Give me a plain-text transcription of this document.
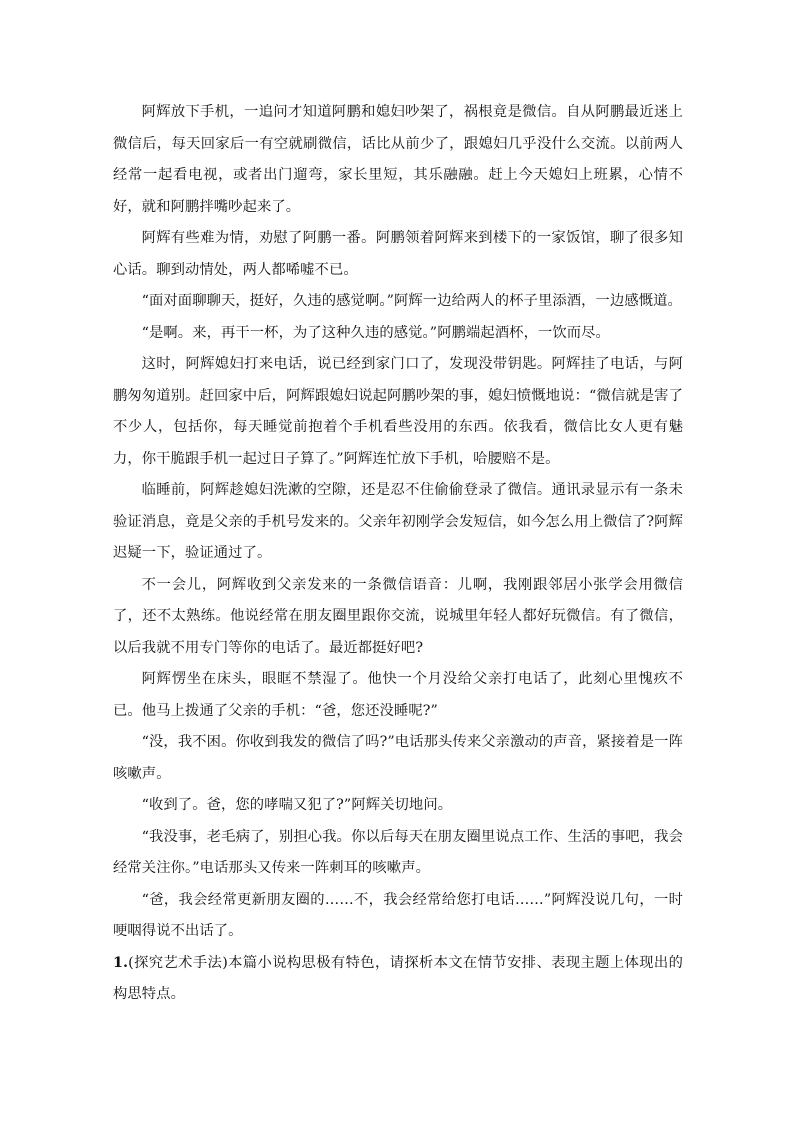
阿辉放下手机，一追问才知道阿鹏和媳妇吵架了，祸根竟是微信。自从阿鹏最近迷上微信后，每天回家后一有空就刷微信，话比从前少了，跟媳妇几乎没什么交流。以前两人经常一起看电视，或者出门遛弯，家长里短，其乐融融。赶上今天媳妇上班累，心情不好，就和阿鹏拌嘴吵起来了。

阿辉有些难为情，劝慰了阿鹏一番。阿鹏领着阿辉来到楼下的一家饭馆，聊了很多知心话。聊到动情处，两人都唏嘘不已。

“面对面聊聊天，挺好，久违的感觉啊。”阿辉一边给两人的杯子里添酒，一边感慨道。

“是啊。来，再干一杯，为了这种久违的感觉。”阿鹏端起酒杯，一饮而尽。

这时，阿辉媳妇打来电话，说已经到家门口了，发现没带钥匙。阿辉挂了电话，与阿鹏匆匆道别。赶回家中后，阿辉跟媳妇说起阿鹏吵架的事，媳妇愤慨地说：“微信就是害了不少人，包括你，每天睡觉前抱着个手机看些没用的东西。依我看，微信比女人更有魅力，你干脆跟手机一起过日子算了。”阿辉连忙放下手机，哈腰赔不是。

临睡前，阿辉趁媳妇洗漱的空隙，还是忍不住偷偷登录了微信。通讯录显示有一条未验证消息，竟是父亲的手机号发来的。父亲年初刚学会发短信，如今怎么用上微信了?阿辉迟疑一下，验证通过了。

不一会儿，阿辉收到父亲发来的一条微信语音：儿啊，我刚跟邻居小张学会用微信了，还不太熟练。他说经常在朋友圈里跟你交流，说城里年轻人都好玩微信。有了微信，以后我就不用专门等你的电话了。最近都挺好吧?

阿辉愣坐在床头，眼眶不禁湿了。他快一个月没给父亲打电话了，此刻心里愧疚不已。他马上拨通了父亲的手机：“爸，您还没睡呢?”

“没，我不困。你收到我发的微信了吗?”电话那头传来父亲激动的声音，紧接着是一阵咳嗽声。

“收到了。爸，您的哮喘又犯了?”阿辉关切地问。

“我没事，老毛病了，别担心我。你以后每天在朋友圈里说点工作、生活的事吧，我会经常关注你。”电话那头又传来一阵刺耳的咳嗽声。

“爸，我会经常更新朋友圈的……不，我会经常给您打电话……”阿辉没说几句，一时哽咽得说不出话了。

1.(探究艺术手法)本篇小说构思极有特色，请探析本文在情节安排、表现主题上体现出的构思特点。
